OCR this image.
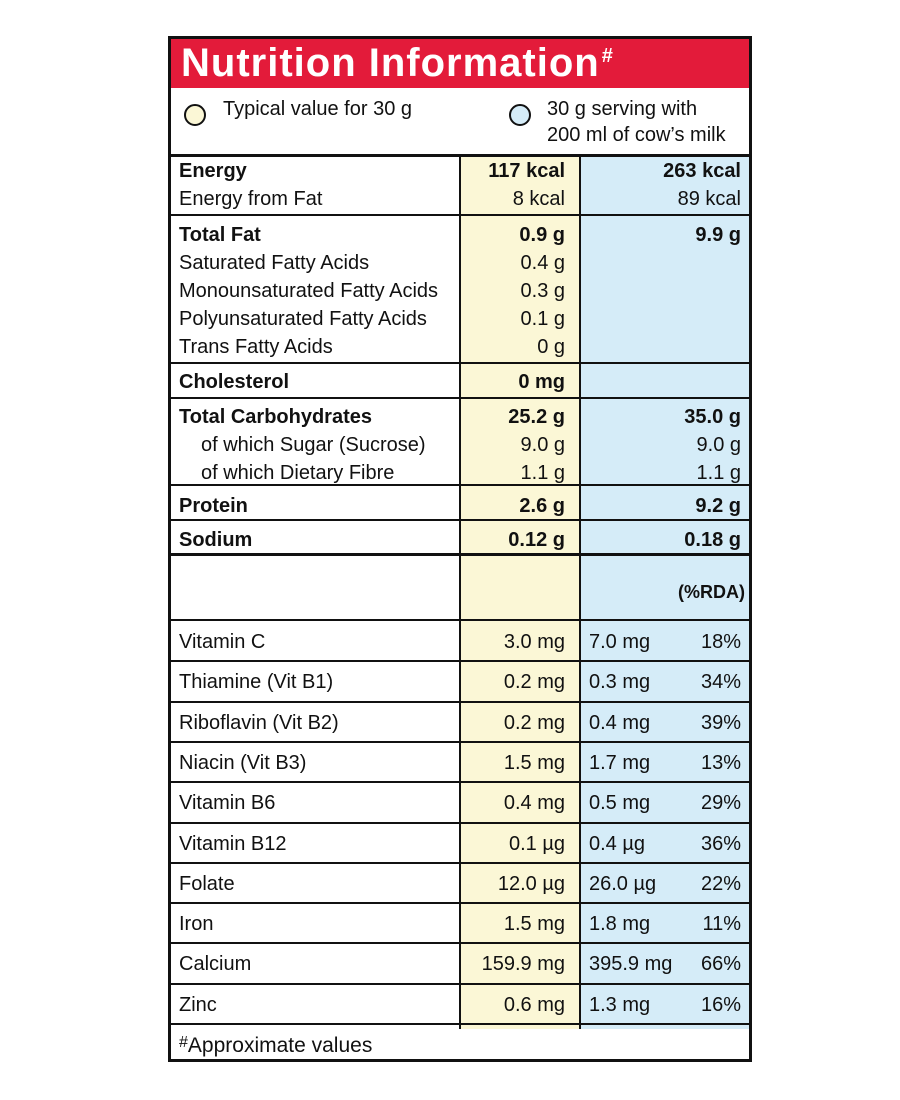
Nutrition Information #
Typical value for 30 g	30 g serving with
200 ml of cow’s milk
Energy	117 kcal	263 kcal
Energy from Fat	8 kcal	89 kcal
Total Fat	0.9 g	9.9 g
Saturated Fatty Acids	0.4 g
Monounsaturated Fatty Acids	0.3 g
Polyunsaturated Fatty Acids	0.1 g
Trans Fatty Acids	0 g
Cholesterol	0 mg
Total Carbohydrates	25.2 g	35.0 g
of which Sugar (Sucrose)	9.0 g	9.0 g
of which Dietary Fibre	1.1 g	1.1 g
Protein	2.6 g	9.2 g
Sodium	0.12 g	0.18 g
(%RDA)
Vitamin C	3.0 mg 7.0 mg	18%
Thiamine (Vit B1)	0.2 mg 0.3 mg	34%
Riboflavin (Vit B2)	0.2 mg 0.4 mg	39%
Niacin (Vit B3)	1.5 mg 1.7 mg	13%
Vitamin B6	0.4 mg 0.5 mg	29%
Vitamin B12	0.1 µg 0.4 µg	36%
Folate	12.0 µg 26.0 µg	22%
Iron	1.5 mg 1.8 mg	11%
Calcium	159.9 mg 395.9 mg	66%
Zinc	0.6 mg 1.3 mg	16%
#Approximate values
